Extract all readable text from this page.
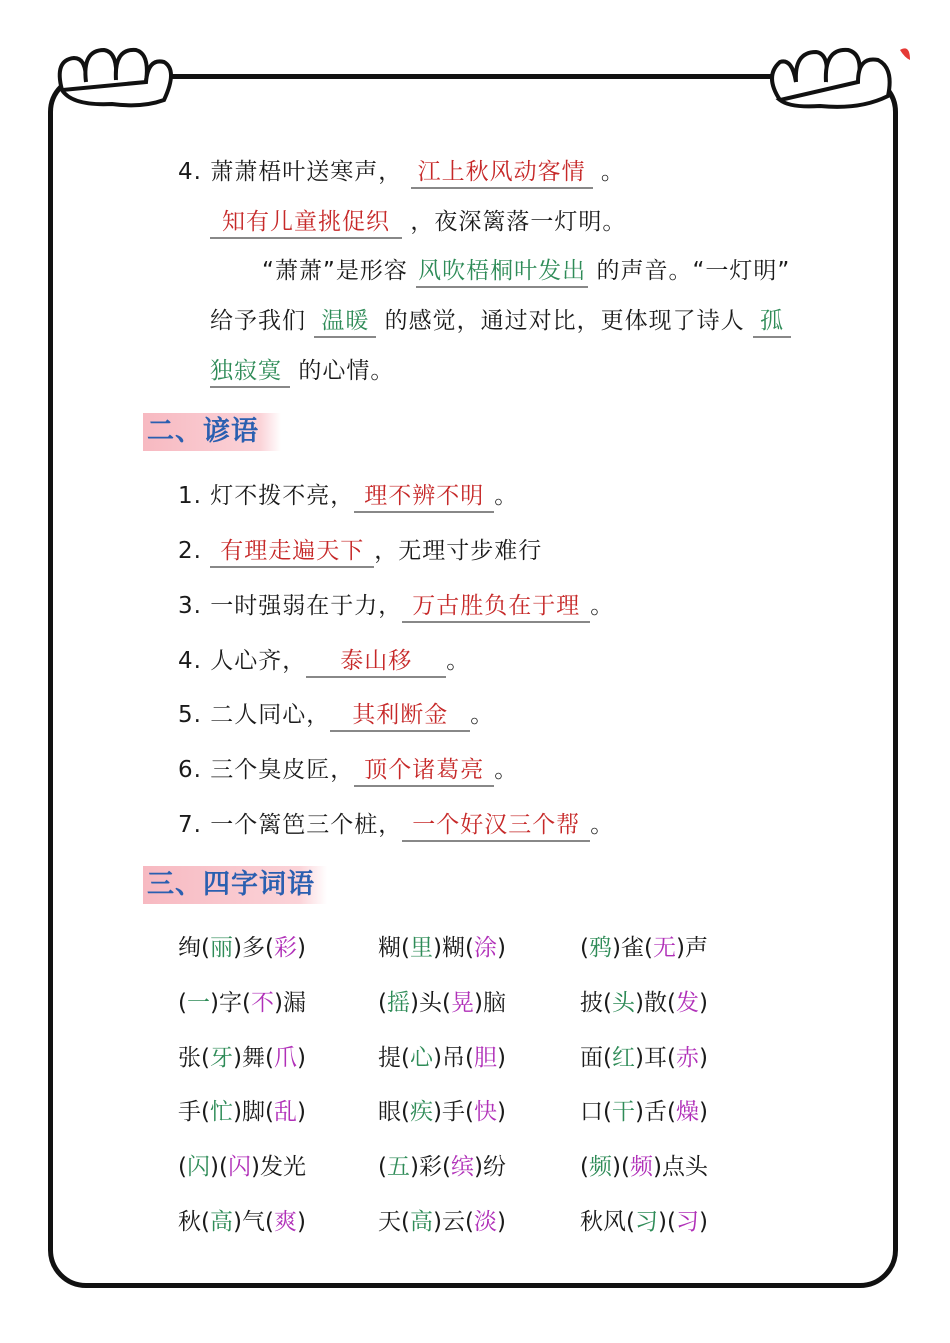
4. 萧萧梧叶送寒声， 江上秋风动客情 。
知有儿童挑促织 ，夜深篱落一灯明。
“萧萧”是形容 风吹梧桐叶发出 的声音。“一灯明”
给予我们 温暖 的感觉，通过对比，更体现了诗人 孤
独寂寞 的心情。
二、谚语
1. 灯不拨不亮， 理不辨不明 。
2. 有理走遍天下 ，无理寸步难行
3. 一时强弱在于力， 万古胜负在于理 。
4. 人心齐， 泰山移 。
5. 二人同心， 其利断金 。
6. 三个臭皮匠， 顶个诸葛亮 。
7. 一个篱笆三个桩， 一个好汉三个帮 。
三、四字词语
绚(丽)多(彩)	糊(里)糊(涂)	(鸦)雀(无)声
(一)字(不)漏	(摇)头(晃)脑	披(头)散(发)
张(牙)舞(爪)	提(心)吊(胆)	面(红)耳(赤)
手(忙)脚(乱)	眼(疾)手(快)	口(干)舌(燥)
(闪)(闪)发光	(五)彩(缤)纷	(频)(频)点头
秋(高)气(爽)	天(高)云(淡)	秋风(习)(习)
